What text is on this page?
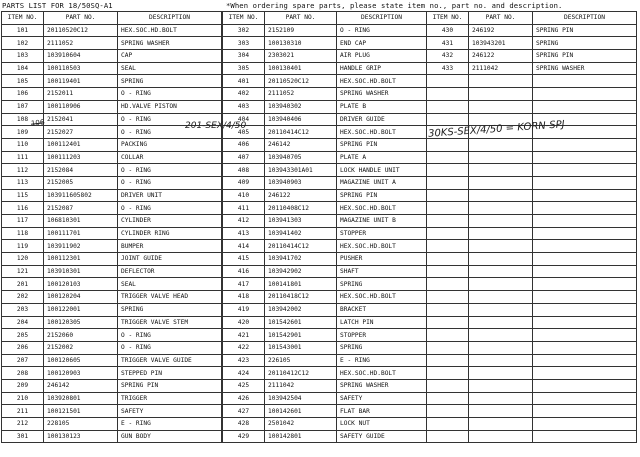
PARTS LIST FOR 18/50SQ-A1	*When ordering spare parts, please state item no., part no. and description.
ITEM NO.	PART NO.	DESCRIPTION
101	20110520C12	HEX.SOC.HD.BOLT
102	2111052	SPRING WASHER
103	103910604	CAP
104	100110503	SEAL
105	100119401	SPRING
106	2152011	O - RING
107	100110906	HD.VALVE PISTON
108	2152041	O - RING
109	2152027	O - RING
110	100112401	PACKING
111	100111203	COLLAR
112	2152084	O - RING
113	2152005	O - RING
115	103911605802	DRIVER UNIT
116	2152087	O - RING
117	106810301	CYLINDER
118	100111701	CYLINDER RING
119	103911902	BUMPER
120	100112301	JOINT GUIDE
121	103910301	DEFLECTOR
201	100120103	SEAL
202	100120204	TRIGGER VALVE HEAD
203	100122001	SPRING
204	100120305	TRIGGER VALVE STEM
205	2152060	O - RING
206	2152002	O - RING
207	100120605	TRIGGER VALVE GUIDE
208	100120903	STEPPED PIN
209	246142	SPRING PIN
210	103920801	TRIGGER
211	100121501	SAFETY
212	228105	E - RING
301	100130123	GUN BODY
ITEM NO.	PART NO.	DESCRIPTION
302	2152109	O - RING
303	100130310	END CAP
304	2303021	AIR PLUG
305	100130401	HANDLE GRIP
401	20110520C12	HEX.SOC.HD.BOLT
402	2111052	SPRING WASHER
403	103940302	PLATE B
404	103940406	DRIVER GUIDE
405	20110414C12	HEX.SOC.HD.BOLT
406	246142	SPRING PIN
407	103940705	PLATE A
408	103943301A01	LOCK HANDLE UNIT
409	103940903	MAGAZINE UNIT A
410	246122	SPRING PIN
411	20110408C12	HEX.SOC.HD.BOLT
412	103941303	MAGAZINE UNIT B
413	103941402	STOPPER
414	20110414C12	HEX.SOC.HD.BOLT
415	103941702	PUSHER
416	103942902	SHAFT
417	100141801	SPRING
418	20110418C12	HEX.SOC.HD.BOLT
419	103942002	BRACKET
420	101542601	LATCH PIN
421	101542901	STOPPER
422	101543001	SPRING
423	226105	E - RING
424	20110412C12	HEX.SOC.HD.BOLT
425	2111042	SPRING WASHER
426	103942504	SAFETY
427	100142601	FLAT BAR
428	2501042	LOCK NUT
429	100142801	SAFETY GUIDE
ITEM NO.	PART NO.	DESCRIPTION
430	246192	SPRING PIN
431	103943201	SPRING
432	246122	SPRING PIN
433	2111042	SPRING WASHER

106	201-SEX/4/50	30KS-SEX/4/50 = KORN-SPJ
